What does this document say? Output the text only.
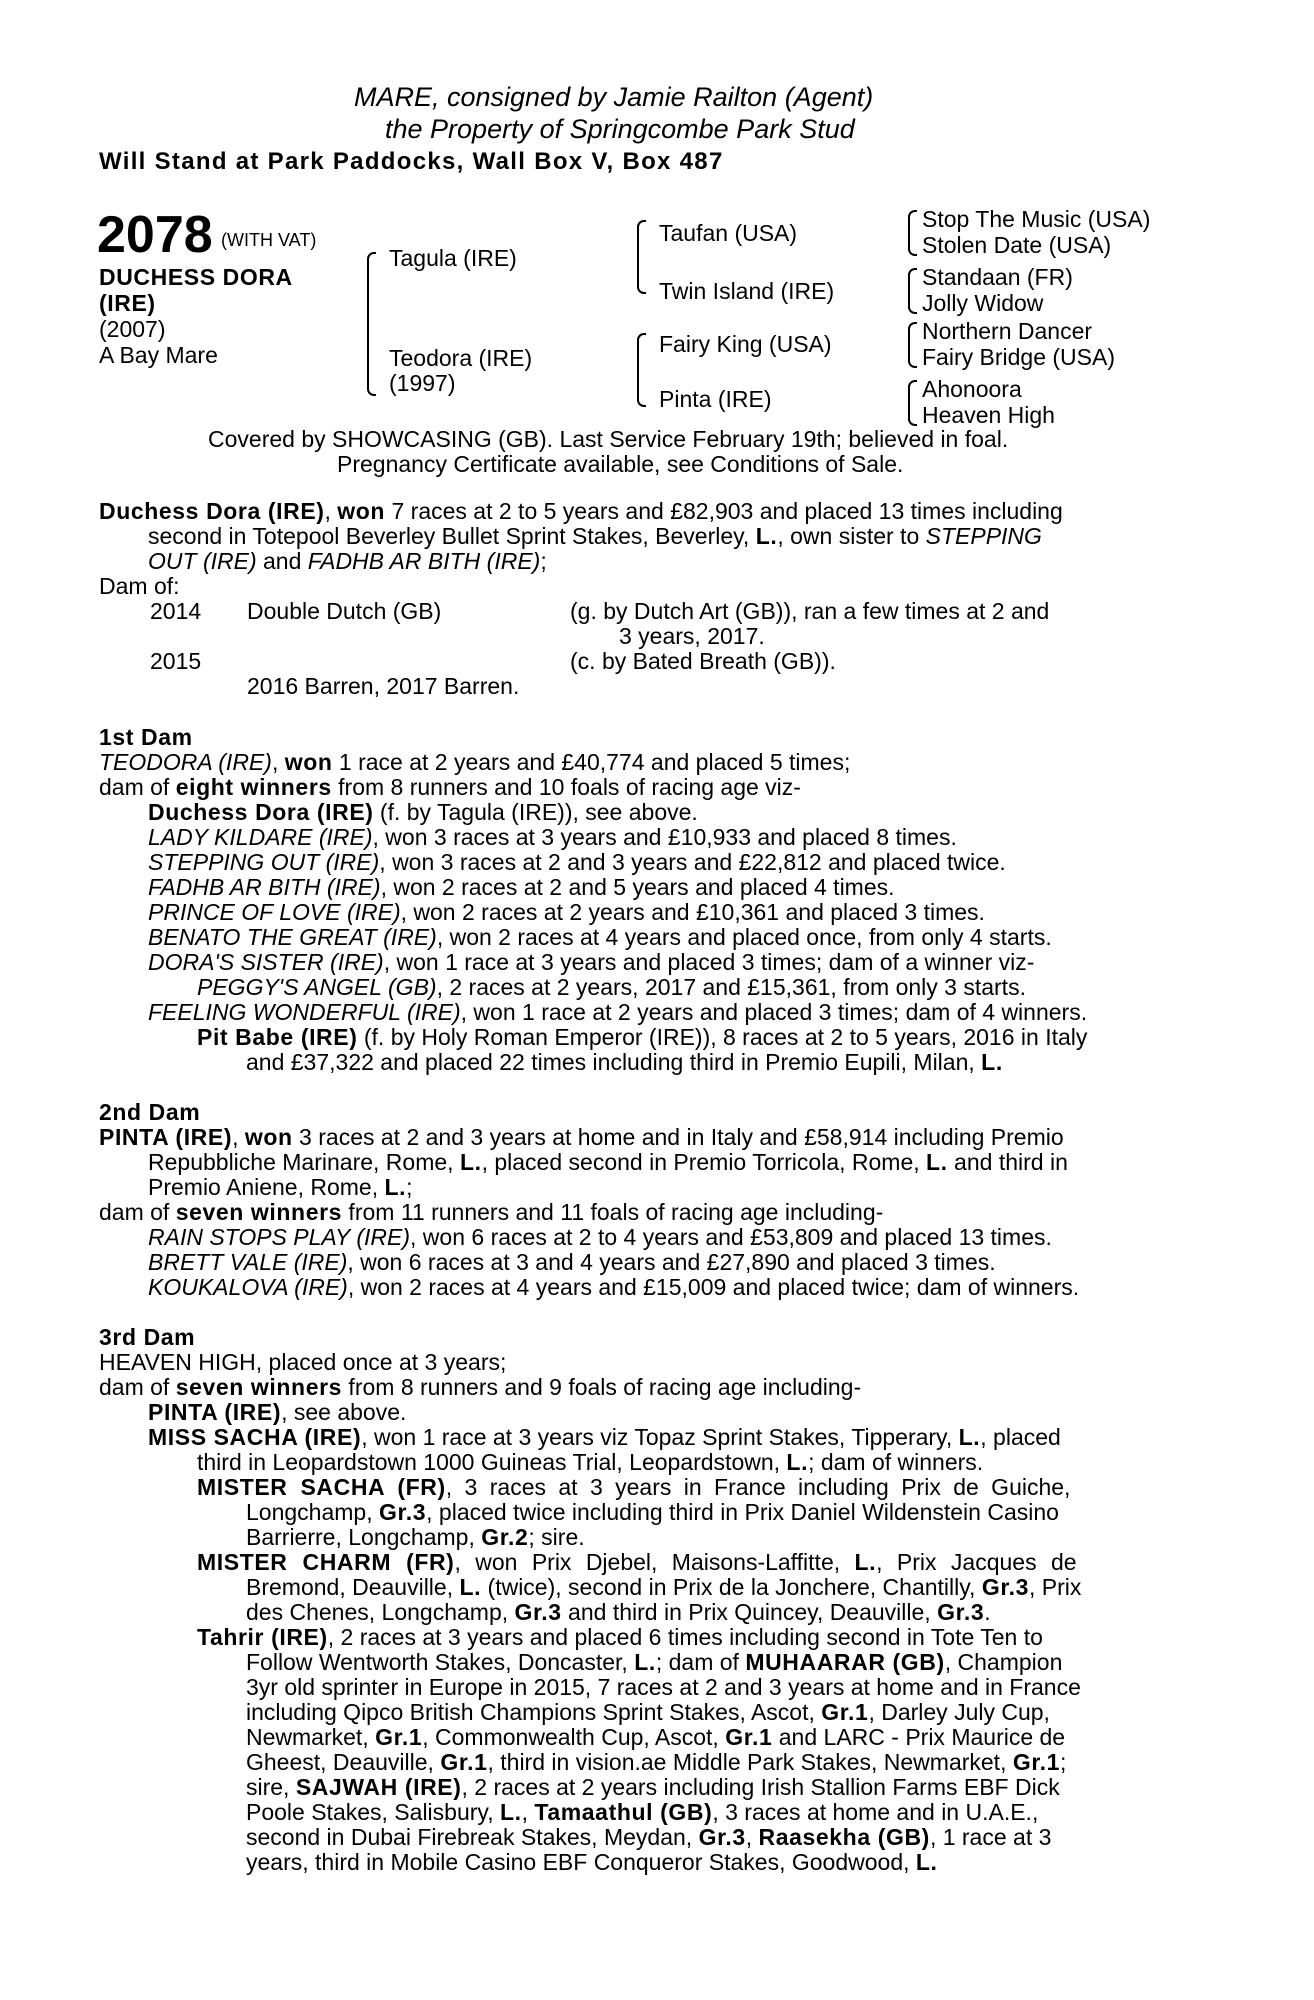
MARE, consigned by Jamie Railton (Agent)
the Property of Springcombe Park Stud
Will Stand at Park Paddocks, Wall Box V, Box 487
2078 (WITH VAT)
DUCHESS DORA
(IRE)
(2007)
A Bay Mare
Tagula (IRE)
Teodora (IRE)
(1997)
Taufan (USA)
Twin Island (IRE)
Fairy King (USA)
Pinta (IRE)
Stop The Music (USA)
Stolen Date (USA)
Standaan (FR)
Jolly Widow
Northern Dancer
Fairy Bridge (USA)
Ahonoora
Heaven High
Covered by SHOWCASING (GB). Last Service February 19th; believed in foal.
Pregnancy Certificate available, see Conditions of Sale.
Duchess Dora (IRE), won 7 races at 2 to 5 years and £82,903 and placed 13 times including
second in Totepool Beverley Bullet Sprint Stakes, Beverley, L., own sister to STEPPING
OUT (IRE) and FADHB AR BITH (IRE);
Dam of:
2014 Double Dutch (GB)	(g. by Dutch Art (GB)), ran a few times at 2 and
3 years, 2017.
2015	(c. by Bated Breath (GB)).
2016 Barren, 2017 Barren.
1st Dam
TEODORA (IRE), won 1 race at 2 years and £40,774 and placed 5 times;
dam of eight winners from 8 runners and 10 foals of racing age viz-
Duchess Dora (IRE) (f. by Tagula (IRE)), see above.
LADY KILDARE (IRE), won 3 races at 3 years and £10,933 and placed 8 times.
STEPPING OUT (IRE), won 3 races at 2 and 3 years and £22,812 and placed twice.
FADHB AR BITH (IRE), won 2 races at 2 and 5 years and placed 4 times.
PRINCE OF LOVE (IRE), won 2 races at 2 years and £10,361 and placed 3 times.
BENATO THE GREAT (IRE), won 2 races at 4 years and placed once, from only 4 starts.
DORA'S SISTER (IRE), won 1 race at 3 years and placed 3 times; dam of a winner viz-
PEGGY'S ANGEL (GB), 2 races at 2 years, 2017 and £15,361, from only 3 starts.
FEELING WONDERFUL (IRE), won 1 race at 2 years and placed 3 times; dam of 4 winners.
Pit Babe (IRE) (f. by Holy Roman Emperor (IRE)), 8 races at 2 to 5 years, 2016 in Italy
and £37,322 and placed 22 times including third in Premio Eupili, Milan, L.
2nd Dam
PINTA (IRE), won 3 races at 2 and 3 years at home and in Italy and £58,914 including Premio
Repubbliche Marinare, Rome, L., placed second in Premio Torricola, Rome, L. and third in
Premio Aniene, Rome, L.;
dam of seven winners from 11 runners and 11 foals of racing age including-
RAIN STOPS PLAY (IRE), won 6 races at 2 to 4 years and £53,809 and placed 13 times.
BRETT VALE (IRE), won 6 races at 3 and 4 years and £27,890 and placed 3 times.
KOUKALOVA (IRE), won 2 races at 4 years and £15,009 and placed twice; dam of winners.
3rd Dam
HEAVEN HIGH, placed once at 3 years;
dam of seven winners from 8 runners and 9 foals of racing age including-
PINTA (IRE), see above.
MISS SACHA (IRE), won 1 race at 3 years viz Topaz Sprint Stakes, Tipperary, L., placed
third in Leopardstown 1000 Guineas Trial, Leopardstown, L.; dam of winners.
MISTER SACHA (FR), 3 races at 3 years in France including Prix de Guiche,
Longchamp, Gr.3, placed twice including third in Prix Daniel Wildenstein Casino
Barrierre, Longchamp, Gr.2; sire.
MISTER CHARM (FR), won Prix Djebel, Maisons-Laffitte, L., Prix Jacques de
Bremond, Deauville, L. (twice), second in Prix de la Jonchere, Chantilly, Gr.3, Prix
des Chenes, Longchamp, Gr.3 and third in Prix Quincey, Deauville, Gr.3.
Tahrir (IRE), 2 races at 3 years and placed 6 times including second in Tote Ten to
Follow Wentworth Stakes, Doncaster, L.; dam of MUHAARAR (GB), Champion
3yr old sprinter in Europe in 2015, 7 races at 2 and 3 years at home and in France
including Qipco British Champions Sprint Stakes, Ascot, Gr.1, Darley July Cup,
Newmarket, Gr.1, Commonwealth Cup, Ascot, Gr.1 and LARC - Prix Maurice de
Gheest, Deauville, Gr.1, third in vision.ae Middle Park Stakes, Newmarket, Gr.1;
sire, SAJWAH (IRE), 2 races at 2 years including Irish Stallion Farms EBF Dick
Poole Stakes, Salisbury, L., Tamaathul (GB), 3 races at home and in U.A.E.,
second in Dubai Firebreak Stakes, Meydan, Gr.3, Raasekha (GB), 1 race at 3
years, third in Mobile Casino EBF Conqueror Stakes, Goodwood, L.
